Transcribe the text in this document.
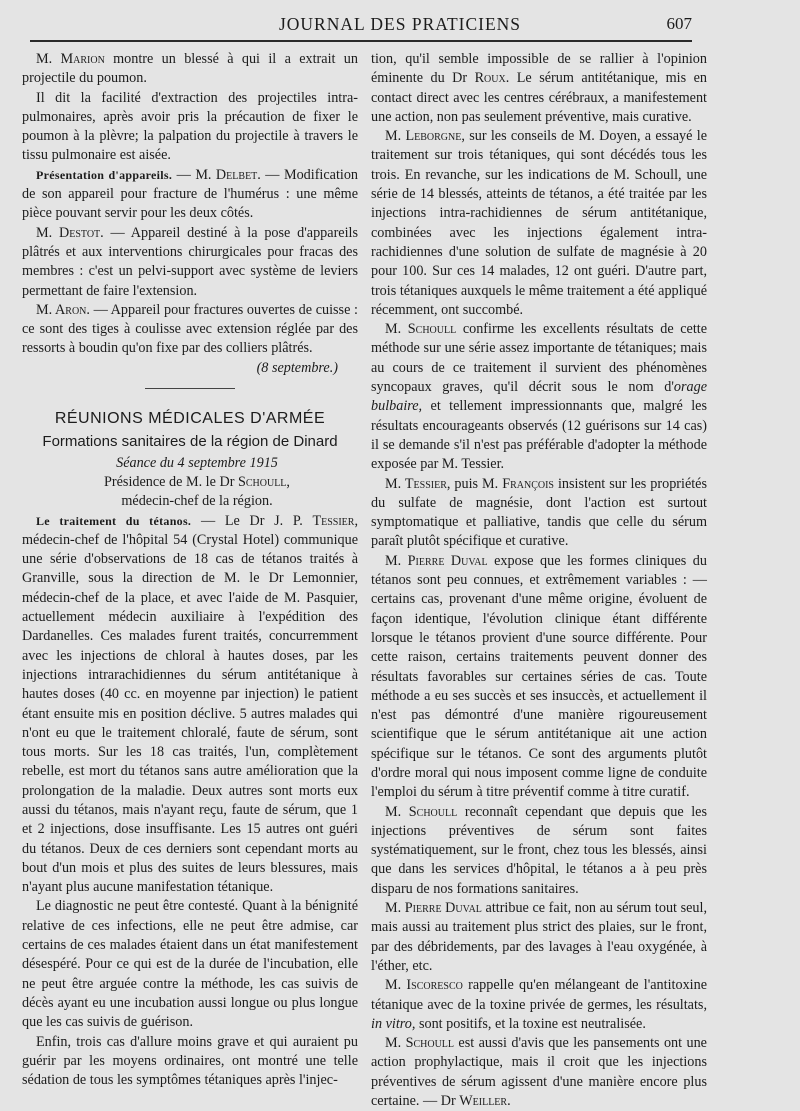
JOURNAL DES PRATICIENS	607

M. Marion montre un blessé à qui il a extrait un projectile du poumon.

Il dit la facilité d'extraction des projectiles intra-pulmonaires, après avoir pris la précaution de fixer le poumon à la plèvre; la palpation du projectile à travers le tissu pulmonaire est aisée.

Présentation d'appareils. — M. Delbet. — Modification de son appareil pour fracture de l'humérus : une même pièce pouvant servir pour les deux côtés.

M. Destot. — Appareil destiné à la pose d'appareils plâtrés et aux interventions chirurgicales pour fracas des membres : c'est un pelvi-support avec système de leviers permettant de faire l'extension.

M. Aron. — Appareil pour fractures ouvertes de cuisse : ce sont des tiges à coulisse avec extension réglée par des ressorts à boudin qu'on fixe par des colliers plâtrés.

(8 septembre.)

RÉUNIONS MÉDICALES D'ARMÉE
Formations sanitaires de la région de Dinard

Séance du 4 septembre 1915

Présidence de M. le Dr Schoull,

médecin-chef de la région.

Le traitement du tétanos. — Le Dr J. P. Tessier, médecin-chef de l'hôpital 54 (Crystal Hotel) communique une série d'observations de 18 cas de tétanos traités à Granville, sous la direction de M. le Dr Lemonnier, médecin-chef de la place, et avec l'aide de M. Pasquier, actuellement médecin auxiliaire à l'expédition des Dardanelles. Ces malades furent traités, concurremment avec les injections de chloral à hautes doses, par les injections intrarachidiennes du sérum antitétanique à hautes doses (40 cc. en moyenne par injection) le patient étant ensuite mis en position déclive. 5 autres malades qui n'ont eu que le traitement chloralé, faute de sérum, sont tous morts. Sur les 18 cas traités, l'un, complètement rebelle, est mort du tétanos sans autre amélioration que la prolongation de la maladie. Deux autres sont morts eux aussi du tétanos, mais n'ayant reçu, faute de sérum, que 1 et 2 injections, dose insuffisante. Les 15 autres ont guéri du tétanos. Deux de ces derniers sont cependant morts au bout d'un mois et plus des suites de leurs blessures, mais n'ayant plus aucune manifestation tétanique.

Le diagnostic ne peut être contesté. Quant à la bénignité relative de ces infections, elle ne peut être admise, car certains de ces malades étaient dans un état manifestement désespéré. Pour ce qui est de la durée de l'incubation, elle ne peut être arguée contre la méthode, les cas suivis de décès ayant eu une incubation aussi longue ou plus longue que les cas suivis de guérison.

Enfin, trois cas d'allure moins grave et qui auraient pu guérir par les moyens ordinaires, ont montré une telle sédation de tous les symptômes tétaniques après l'injec-

tion, qu'il semble impossible de se rallier à l'opinion éminente du Dr Roux. Le sérum antitétanique, mis en contact direct avec les centres cérébraux, a manifestement une action, non pas seulement préventive, mais curative.

M. Leborgne, sur les conseils de M. Doyen, a essayé le traitement sur trois tétaniques, qui sont décédés tous les trois. En revanche, sur les indications de M. Schoull, une série de 14 blessés, atteints de tétanos, a été traitée par les injections intra-rachidiennes de sérum antitétanique, combinées avec les injections également intra-rachidiennes d'une solution de sulfate de magnésie à 20 pour 100. Sur ces 14 malades, 12 ont guéri. D'autre part, trois tétaniques auxquels le même traitement a été appliqué récemment, ont succombé.

M. Schoull confirme les excellents résultats de cette méthode sur une série assez importante de tétaniques; mais au cours de ce traitement il survient des phénomènes syncopaux graves, qu'il décrit sous le nom d'orage bulbaire, et tellement impressionnants que, malgré les résultats encourageants observés (12 guérisons sur 14 cas) il se demande s'il n'est pas préférable d'adopter la méthode exposée par M. Tessier.

M. Tessier, puis M. François insistent sur les propriétés du sulfate de magnésie, dont l'action est surtout symptomatique et palliative, tandis que celle du sérum paraît plutôt spécifique et curative.

M. Pierre Duval expose que les formes cliniques du tétanos sont peu connues, et extrêmement variables : — certains cas, provenant d'une même origine, évoluent de façon identique, l'évolution clinique étant différente lorsque le tétanos provient d'une source différente. Pour cette raison, certains traitements peuvent donner des résultats favorables sur certaines séries de cas. Toute méthode a eu ses succès et ses insuccès, et actuellement il n'est pas démontré d'une manière rigoureusement scientifique que le sérum antitétanique ait une action spécifique sur le tétanos. Ce sont des arguments plutôt d'ordre moral qui nous imposent comme ligne de conduite l'emploi du sérum à titre préventif comme à titre curatif.

M. Schoull reconnaît cependant que depuis que les injections préventives de sérum sont faites systématiquement, sur le front, chez tous les blessés, ainsi que dans les services d'hôpital, le tétanos a à peu près disparu de nos formations sanitaires.

M. Pierre Duval attribue ce fait, non au sérum tout seul, mais aussi au traitement plus strict des plaies, sur le front, par des débridements, par des lavages à l'eau oxygénée, à l'éther, etc.

M. Iscoresco rappelle qu'en mélangeant de l'antitoxine tétanique avec de la toxine privée de germes, les résultats, in vitro, sont positifs, et la toxine est neutralisée.

M. Schoull est aussi d'avis que les pansements ont une action prophylactique, mais il croit que les injections préventives de sérum agissent d'une manière encore plus certaine. — Dr Weiller.
